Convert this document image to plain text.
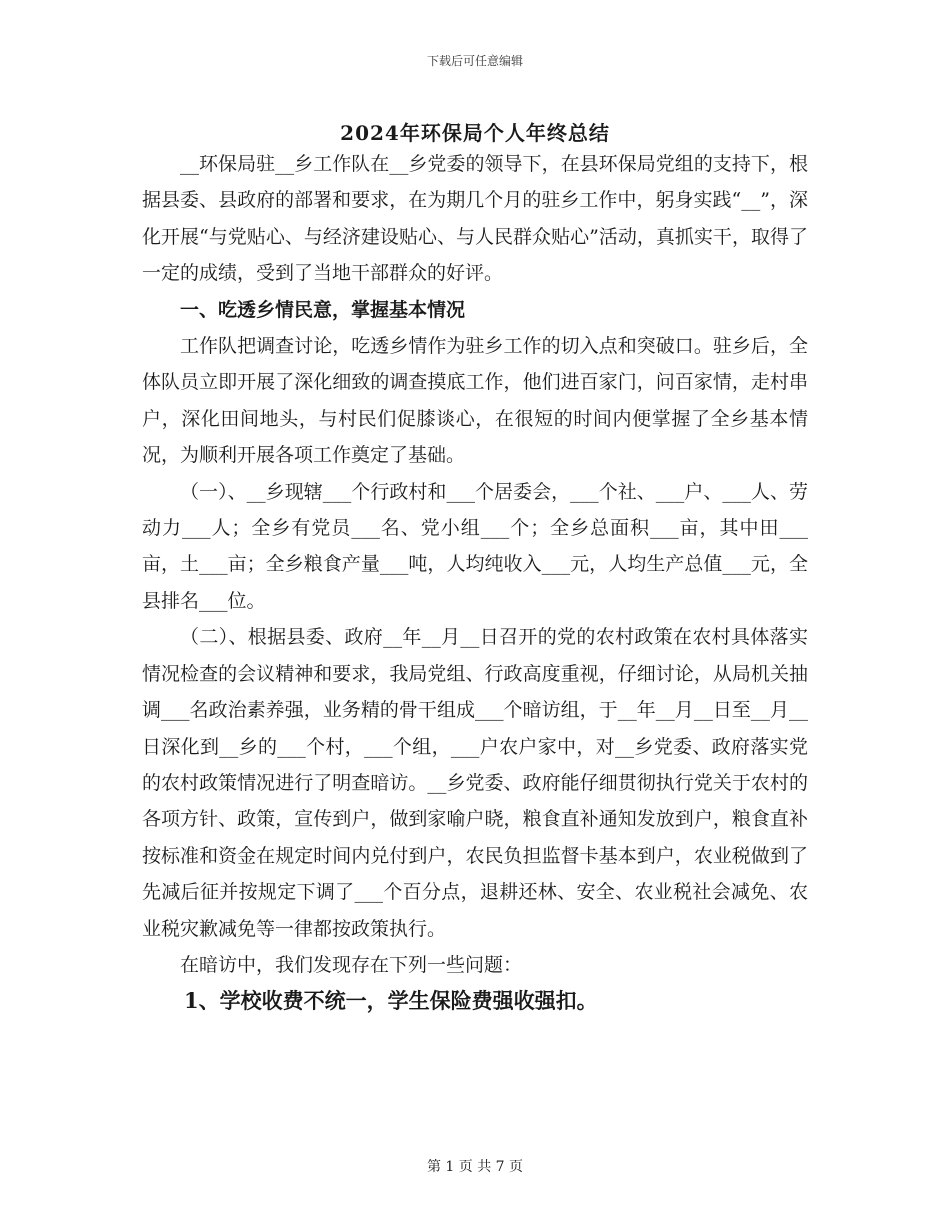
下载后可任意编辑
2024年环保局个人年终总结

__环保局驻__乡工作队在__乡党委的领导下，在县环保局党组的支持下，根据县委、县政府的部署和要求，在为期几个月的驻乡工作中，躬身实践“__”，深化开展“与党贴心、与经济建设贴心、与人民群众贴心”活动，真抓实干，取得了一定的成绩，受到了当地干部群众的好评。

一、吃透乡情民意，掌握基本情况

工作队把调查讨论，吃透乡情作为驻乡工作的切入点和突破口。驻乡后，全体队员立即开展了深化细致的调查摸底工作，他们进百家门，问百家情，走村串户，深化田间地头，与村民们促膝谈心，在很短的时间内便掌握了全乡基本情况，为顺利开展各项工作奠定了基础。

（一）、__乡现辖___个行政村和___个居委会，___个社、___户、___人、劳动力___人；全乡有党员___名、党小组___个；全乡总面积___亩，其中田___亩，土___亩；全乡粮食产量___吨，人均纯收入___元，人均生产总值___元，全县排名___位。

（二）、根据县委、政府__年__月__日召开的党的农村政策在农村具体落实情况检查的会议精神和要求，我局党组、行政高度重视，仔细讨论，从局机关抽调___名政治素养强，业务精的骨干组成___个暗访组，于__年__月__日至__月__日深化到__乡的___个村，___个组，___户农户家中，对__乡党委、政府落实党的农村政策情况进行了明查暗访。__乡党委、政府能仔细贯彻执行党关于农村的各项方针、政策，宣传到户，做到家喻户晓，粮食直补通知发放到户，粮食直补按标准和资金在规定时间内兑付到户，农民负担监督卡基本到户，农业税做到了先减后征并按规定下调了___个百分点，退耕还林、安全、农业税社会减免、农业税灾歉减免等一律都按政策执行。

在暗访中，我们发现存在下列一些问题：

1、学校收费不统一，学生保险费强收强扣。
第 1 页 共 7 页
